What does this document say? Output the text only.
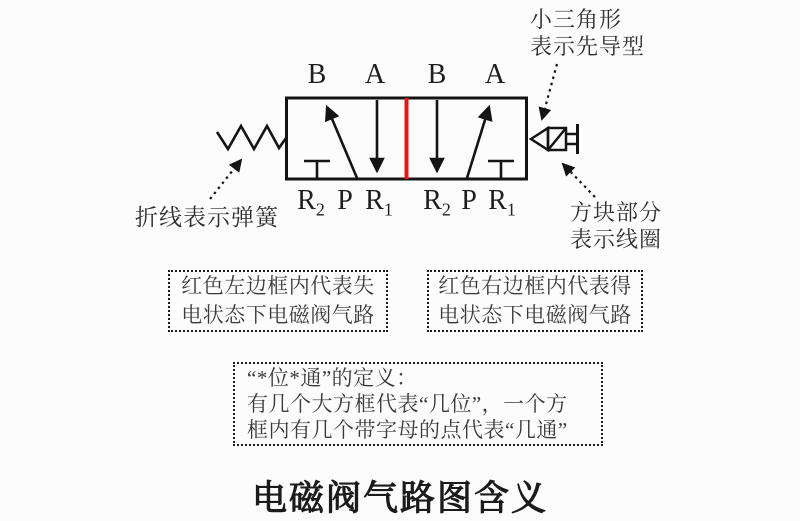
B A B A
$R_2$ P $R_1$ $R_2$ P $R_1$
折线表示弹簧
小三角形
表示先导型
方块部分
表示线圈
红色左边框内代表失
电状态下电磁阀气路
红色右边框内代表得
电状态下电磁阀气路
“*位*通”的定义：
有几个大方框代表“几位”，一个方
框内有几个带字母的点代表“几通”
电磁阀气路图含义
